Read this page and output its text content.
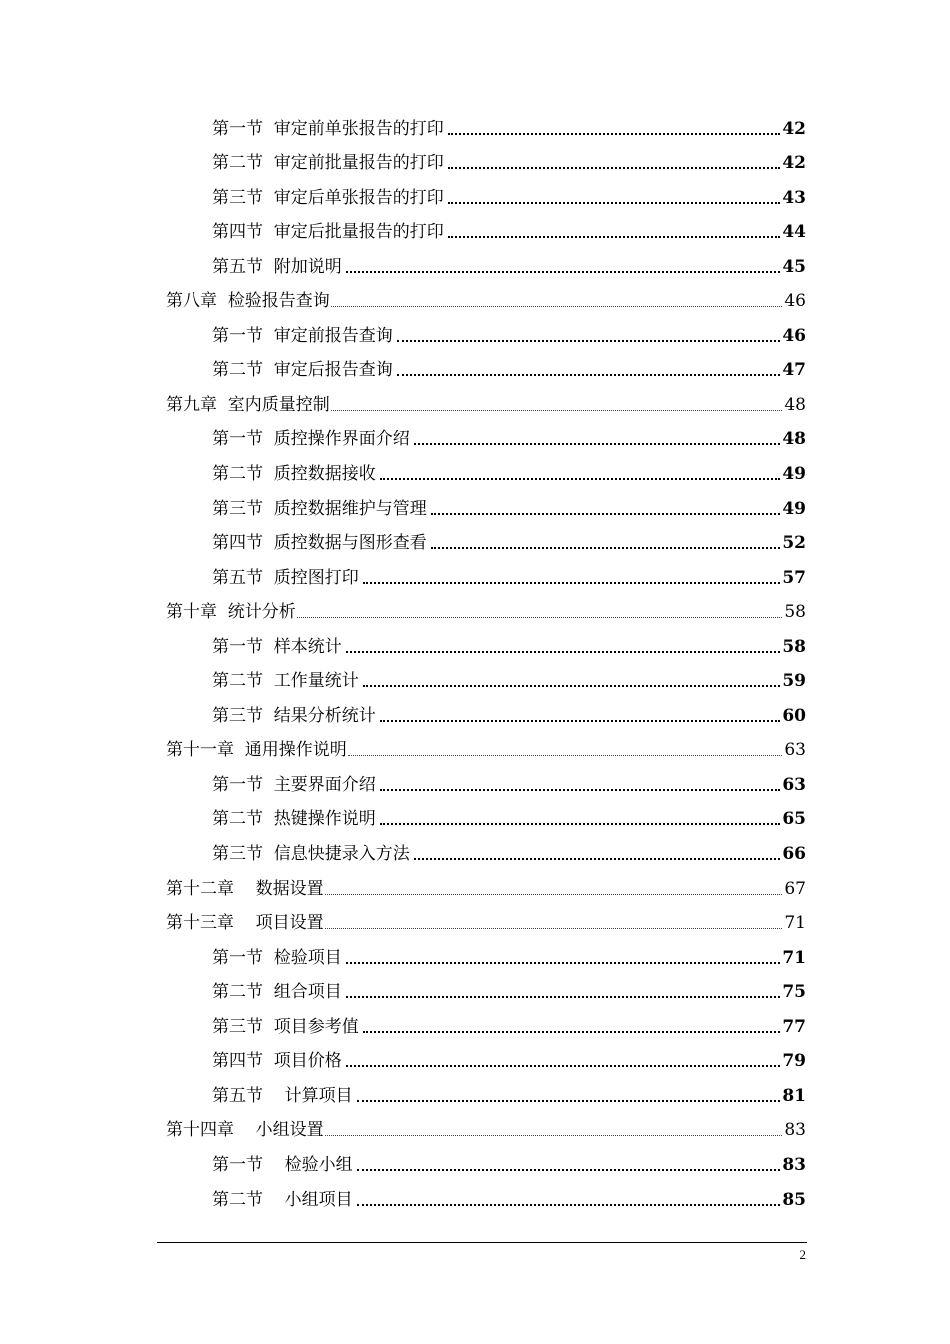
第一节  审定前单张报告的打印	42
第二节  审定前批量报告的打印	42
第三节  审定后单张报告的打印	43
第四节  审定后批量报告的打印	44
第五节  附加说明	45
第八章  检验报告查询	46
第一节  审定前报告查询	46
第二节  审定后报告查询	47
第九章  室内质量控制	48
第一节  质控操作界面介绍	48
第二节  质控数据接收	49
第三节  质控数据维护与管理	49
第四节  质控数据与图形查看	52
第五节  质控图打印	57
第十章  统计分析	58
第一节  样本统计	58
第二节  工作量统计	59
第三节  结果分析统计	60
第十一章  通用操作说明	63
第一节  主要界面介绍	63
第二节  热键操作说明	65
第三节  信息快捷录入方法	66
第十二章    数据设置	67
第十三章    项目设置	71
第一节  检验项目	71
第二节  组合项目	75
第三节  项目参考值	77
第四节  项目价格	79
第五节    计算项目	81
第十四章    小组设置	83
第一节    检验小组	83
第二节    小组项目	85
2
